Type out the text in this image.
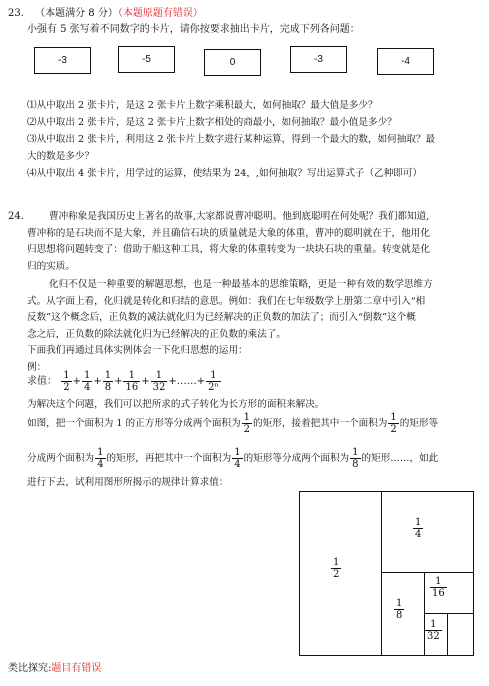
23. （本题满分 8 分）（本题原题有错误）
小强有 5 张写着不同数字的卡片，请你按要求抽出卡片，完成下列各问题：
-3	-5	0	-3	-4
⑴从中取出 2 张卡片，是这 2 张卡片上数字乘积最大，如何抽取？最大值是多少？
⑵从中取出 2 张卡片，是这 2 张卡片上数字相处的商最小，如何抽取？最小值是多少？
⑶从中取出 2 张卡片，利用这 2 张卡片上数字进行某种运算，得到一个最大的数，如何抽取？最
大的数是多少？
⑷从中取出 4 张卡片，用学过的运算，使结果为 24，,如何抽取？写出运算式子（乙种即可）
24.	曹冲称象是我国历史上著名的故事,大家都说曹冲聪明。他到底聪明在何处呢？我们都知道,
曹冲称的是石块而不是大象，并且确信石块的质量就是大象的体重，曹冲的聪明就在于，他用化
归思想将问题转变了：借助于船这种工具，将大象的体重转变为一块块石块的重量。转变就是化
归的实质。
化归不仅是一种重要的解题思想，也是一种最基本的思维策略，更是一种有效的数学思维方
式。从字面上看，化归就是转化和归结的意思。例如：我们在七年级数学上册第二章中引入“相
反数”这个概念后，正负数的减法就化归为已经解决的正负数的加法了；而引入“倒数”这个概
念之后，正负数的除法就化归为已经解决的正负数的乘法了。
下面我们再通过具体实例体会一下化归思想的运用：
例：
求值： $\frac{1}{2} + \frac{1}{4} + \frac{1}{8} + \frac{1}{16} + \frac{1}{32}$ +……+ $\frac{1}{\text{2ⁿ}}$
为解决这个问题，我们可以把所求的式子转化为长方形的面积来解决。
如图，把一个面积为 1 的正方形等分成两个面积为 $\frac{1}{2}$ 的矩形，接着把其中一个面积为 $\frac{1}{2}$ 的矩形等
分成两个面积为 $\frac{1}{4}$ 的矩形，再把其中一个面积为 $\frac{1}{4}$ 的矩形等分成两个面积为 $\frac{1}{8}$ 的矩形……，如此
进行下去，试利用图形所揭示的规律计算求值：
$\frac{1}{2}$
$\frac{1}{4}$
$\frac{1}{8}$
$\frac{1}{16}$
$\frac{1}{32}$
类比探究:题目有错误
